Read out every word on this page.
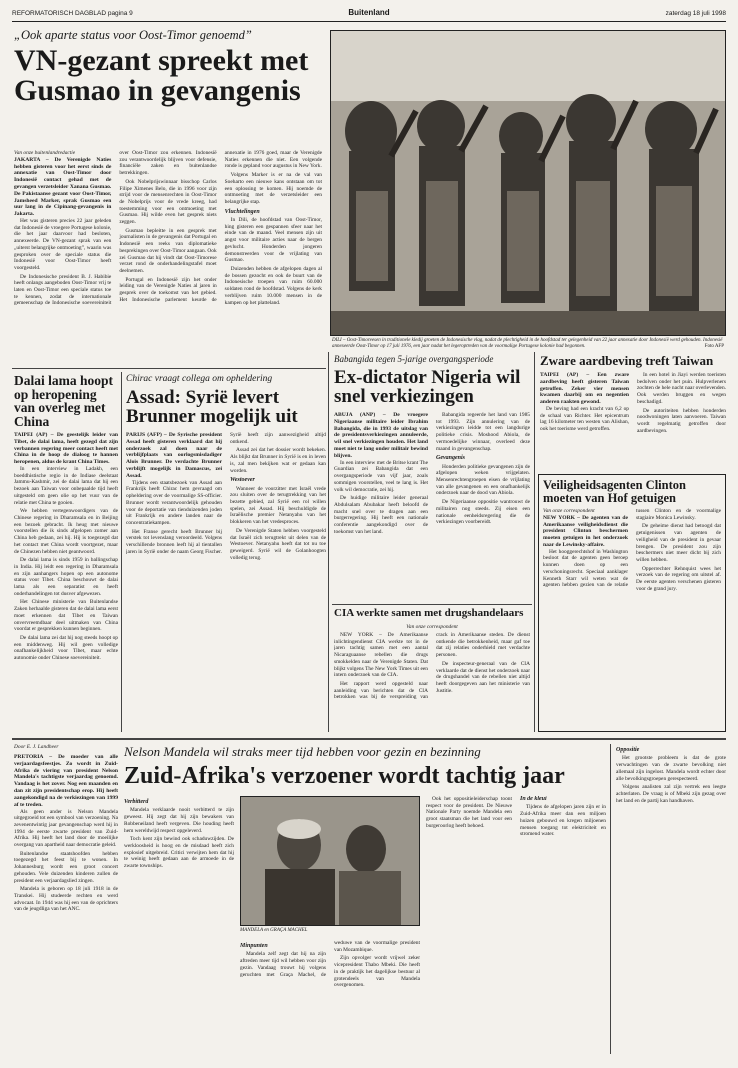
REFORMATORISCH DAGBLAD pagina 9	Buitenland	zaterdag 18 juli 1998
„Ook aparte status voor Oost-Timor genoemd”
VN-gezant spreekt met Gusmao in gevangenis
Van onze buitenlandredactie
JAKARTA – De Verenigde Naties hebben gisteren voor het eerst sinds de annexatie van Oost-Timor door Indonesië contact gehad met de gevangen verzetsleider Xanana Gusmao. De Pakistaanse gezant voor Oost-Timor, Jamsheed Marker, sprak Gusmao een uur lang in de Cipinang-gevangenis in Jakarta.

Het was gisteren precies 22 jaar geleden dat Indonesië de vroegere Portugese kolonie, die het jaar daarvoor had besloten, annexeerde. De VN-gezant sprak van een „uiterst belangrijke ontmoeting”, waarin was gesproken over de speciale status die Indonesië voor Oost-Timor heeft voorgesteld.

De Indonesische president B. J. Habibie heeft onlangs aangeboden Oost-Timor vrij te laten en Oost-Timor een speciale status toe te kennen, zodat de internationale gemeenschap de Indonesische soevereiniteit over Oost-Timor zou erkennen. Indonesië zou verantwoordelijk blijven voor defensie, financiële zaken en buitenlandse betrekkingen.

Ook Nobelprijswinnaar bisschop Carlos Filipe Ximenes Belo, die in 1996 voor zijn strijd voor de mensenrechten in Oost-Timor de Nobelprijs voor de vrede kreeg, had toestemming voor een ontmoeting met Gusmao. Hij wilde even het gesprek niets zeggen.

Gusmao bepleitte in een gesprek met journalisten in de gevangenis dat Portugal en Indonesië een reeks van diplomatieke besprekingen over Oost-Timor aangaan. Ook zei Gusmao dat hij vindt dat Oost-Timorese verzet rond de onderhandelingstafel moet deelnemen.

Portugal en Indonesië zijn het onder leiding van de Verenigde Naties al jaren in gesprek over de toekomst van het gebied. Het Indonesische parlement keurde de annexatie in 1976 goed, maar de Verenigde Naties erkennen die niet. Een volgende ronde is gepland voor augustus in New York.

Volgens Marker is er na de val van Soeharto een nieuwe kans ontstaan om tot een oplossing te komen. Hij noemde de ontmoeting met de verzetsleider een belangrijke stap.

Vluchtelingen

In Dili, de hoofdstad van Oost-Timor, hing gisteren een gespannen sfeer naar het einde van de maand. Veel mensen zijn uit angst voor militaire acties naar de bergen gevlucht. Honderden jongeren demonstreerden voor de vrijlating van Gusmao.

Duizenden hebben de afgelopen dagen al de bossen gezocht en ook de buurt van de Indonesische troepen van ruim 60.000 soldaten rond de hoofdstad. Volgens de kerk verblijven ruim 10.000 mensen in de kampen op het platteland.

DILI – Oost-Timoreesen in traditionele kledij groeten de Indonesische vlag, nadat de plechtigheid in de hoofdstad ter gelegenheid van 22 jaar annexatie door Indonesië werd gehouden. Indonesië annexeerde Oost-Timor op 17 juli 1976, een jaar nadat het legeroptreden van de voormalige Portugese kolonie had begonnen.	Foto AFP
Dalai lama hoopt op heropening van overleg met China
TAIPEI (AP) – De geestelijk leider van Tibet, de dalai lama, heeft gezegd dat zijn verbannen regering meer contact heeft met China in de hoop de dialoog te hannen heropenen, aldus de krant China Times.

In een interview in Ladakh, een boeddhistische regio in de Indiase deelstaat Jammu-Kashmir, zei de dalai lama dat hij een bezoek aan Taiwan voor onbepaalde tijd heeft uitgesteld om geen olie op het vuur van de relatie met China te gooien.

We hebben vertegenwoordigers van de Chinese regering in Dharamsala en in Beijing een bezoek gebracht. Ik heug met nieuwe voorstellen die ik sinds afgelopen zomer aan China heb gedaan, zei hij. Hij is toegezegd dat het contact met China wordt voortgezet, maar de Chinezen hebben niet geantwoord.

De dalai lama is sinds 1959 in ballingschap in India. Hij leidt een regering in Dharamsala en zijn aanhangers hopen op een autonome status voor Tibet. China beschouwt de dalai lama als een separatist en heeft onderhandelingen tot dusver afgewezen.

Het Chinese ministerie van Buitenlandse Zaken herhaalde gisteren dat de dalai lama eerst moet erkennen dat Tibet en Taiwan onvervreemdbaar deel uitmaken van China voordat er gesprekken kunnen beginnen.

De dalai lama zei dat hij nog steeds hoopt op een middenweg. Hij wil geen volledige onafhankelijkheid voor Tibet, maar echte autonomie onder Chinese soevereiniteit.

Chirac vraagt collega om opheldering
Assad: Syrië levert Brunner mogelijk uit
PARIJS (AFP) – De Syrische president Assad heeft gisteren verklaard dat hij onderzoek zal doen naar de verblijfplaats van oorlogsmisdadiger Alois Brunner. De verdachte Brunner verblijft mogelijk in Damascus, zei Assad.

Tijdens een staatsbezoek van Assad aan Frankrijk heeft Chirac hem gevraagd om opheldering over de voormalige SS-officier. Brunner wordt verantwoordelijk gehouden voor de deportatie van tienduizenden joden uit Frankrijk en andere landen naar de concentratiekampen.

Het Franse gerecht heeft Brunner bij verstek tot levenslang veroordeeld. Volgens verschillende bronnen leeft hij al tientallen jaren in Syrië onder de naam Georg Fischer. Syrië heeft zijn aanwezigheid altijd ontkend.

Assad zei dat het dossier wordt bekeken. Als blijkt dat Brunner in Syrië is en in leven is, zal men bekijken wat er gedaan kan worden.

Westoever

Wanneer de voorzitter met Israël vrede zou sluiten over de terugtrekking van het bezette gebied, zal Syrië een rol willen spelen, zei Assad. Hij beschuldigde de Israëlische premier Netanyahu van het blokkeren van het vredesproces.

De Verenigde Staten hebben voorgesteld dat Israël zich terugtrekt uit delen van de Westoever. Netanyahu heeft dat tot nu toe geweigerd. Syrië wil de Golanhoogten volledig terug.

Babangida tegen 5-jarige overgangsperiode
Ex-dictator Nigeria wil snel verkiezingen
ABUJA (ANP) – De vroegere Nigeriaanse militaire leider Ibrahim Babangida, die in 1993 de uitslag van de presidentsverkiezingen annuleerde, wil snel verkiezingen houden. Het land moet niet te lang onder militair bewind blijven.

In een interview met de Britse krant The Guardian zei Babangida dat een overgangsperiode van vijf jaar, zoals sommigen voorstellen, veel te lang is. Het volk wil democratie, zei hij.

De huidige militaire leider generaal Abdulsalam Abubakar heeft beloofd de macht snel over te dragen aan een burgerregering. Hij heeft een nationale conferentie aangekondigd over de toekomst van het land.

Babangida regeerde het land van 1985 tot 1993. Zijn annulering van de verkiezingen leidde tot een langdurige politieke crisis. Moshood Abiola, de vermoedelijke winnaar, overleed deze maand in gevangenschap.

Gevangenis

Honderden politieke gevangenen zijn de afgelopen weken vrijgelaten. Mensenrechtengroepen eisen de vrijlating van alle gevangenen en een onafhankelijk onderzoek naar de dood van Abiola.

De Nigeriaanse oppositie wantrouwt de militairen nog steeds. Zij eisen een nationale eenheidsregering die de verkiezingen voorbereidt.

CIA werkte samen met drugshandelaars
Van onze correspondent

NEW YORK – De Amerikaanse inlichtingendienst CIA werkte tot in de jaren tachtig samen met een aantal Nicaraguaanse rebellen die drugs smokkelden naar de Verenigde Staten. Dat blijkt volgens The New York Times uit een intern onderzoek van de CIA.

Het rapport werd opgesteld naar aanleiding van berichten dat de CIA betrokken was bij de verspreiding van crack in Amerikaanse steden. De dienst ontkende die betrokkenheid, maar gaf toe dat zij relaties onderhield met verdachte personen.

De inspecteur-generaal van de CIA verklaarde dat de dienst het onderzoek naar de drugshandel van de rebellen niet altijd heeft doorgegeven aan het ministerie van Justitie.

Zware aardbeving treft Taiwan
TAIPEI (AP) – Een zware aardbeving heeft gisteren Taiwan getroffen. Zeker vier mensen kwamen daarbij om en negentien anderen raakten gewond.

De beving had een kracht van 6,2 op de schaal van Richter. Het epicentrum lag 16 kilometer ten westen van Alishan, ook het toerisme werd getroffen.

In een hotel in Jiayi werden toeristen bedolven onder het puin. Hulpverleners zochten de hele nacht naar overlevenden. Ook werden bruggen en wegen beschadigd.

De autoriteiten hebben honderden noodwoningen laten aanvoeren. Taiwan wordt regelmatig getroffen door aardbevingen.

Veiligheidsagenten Clinton moeten van Hof getuigen
Van onze correspondent
NEW YORK – De agenten van de Amerikaanse veiligheidsdienst die president Clinton beschermen moeten getuigen in het onderzoek naar de Lewinsky-affaire.

Het hooggerechtshof in Washington besloot dat de agenten geen beroep kunnen doen op een verschoningsrecht. Speciaal aanklager Kenneth Starr wil weten wat de agenten hebben gezien van de relatie tussen Clinton en de voormalige stagiaire Monica Lewinsky.

De geheime dienst had betoogd dat getuigenissen van agenten de veiligheid van de president in gevaar brengen. De president zou zijn beschermers niet meer dicht bij zich willen hebben.

Opperrechter Rehnquist wees het verzoek van de regering om uitstel af. De eerste agenten verschenen gisteren voor de grand jury.

Door E. J. Landheer	Nelson Mandela wil straks meer tijd hebben voor gezin en bezinning
Zuid-Afrika's verzoener wordt tachtig jaar
PRETORIA – De moeder van alle verjaardagsfeestjes. Zo wordt in Zuid-Afrika de viering van president Nelson Mandela's tachtigste verjaardag genoemd. Vandaag is het zover. Nog een maanden en dan zit zijn presidentschap erop. Hij heeft aangekondigd na de verkiezingen van 1999 af te treden.

Als geen ander is Nelson Mandela uitgegroeid tot een symbool van verzoening. Na zevenentwintig jaar gevangenschap werd hij in 1994 de eerste zwarte president van Zuid-Afrika. Hij heeft het land door de moeilijke overgang van apartheid naar democratie geleid.

Buitenlandse staatshoofden hebben toegezegd het feest bij te wonen. In Johannesburg wordt een groot concert gehouden. Vele duizenden kinderen zullen de president een verjaardagslied zingen.

Mandela is geboren op 18 juli 1918 in de Transkei. Hij studeerde rechten en werd advocaat. In 1944 was hij een van de oprichters van de jeugdliga van het ANC.

Verbitterd

Mandela verklaarde nooit verbitterd te zijn geweest. Hij zegt dat hij zijn bewakers van Robbeneiland heeft vergeven. Die houding heeft hem wereldwijd respect opgeleverd.

Toch kent zijn bewind ook schaduwzijden. De werkloosheid is hoog en de misdaad heeft zich explosief uitgebreid. Critici verwijten hem dat hij te weinig heeft gedaan aan de armoede in de zwarte townships.

MANDELA en GRAÇA MACHEL
Minpunten

Mandela zelf zegt dat hij na zijn aftreden meer tijd wil hebben voor zijn gezin. Vandaag trouwt hij volgens geruchten met Graça Machel, de weduwe van de voormalige president van Mozambique.

Zijn opvolger wordt vrijwel zeker vicepresident Thabo Mbeki. Die heeft in de praktijk het dagelijkse bestuur al grotendeels van Mandela overgenomen.

Ook het oppositieleiderschap toont respect voor de president. De Nieuwe Nationale Party noemde Mandela een groot staatsman die het land voor een burgeroorlog heeft behoed.

In de kleui

Tijdens de afgelopen jaren zijn er in Zuid-Afrika meer dan een miljoen huizen gebouwd en kregen miljoenen mensen toegang tot elektriciteit en stromend water.

Oppositie

Het grootste probleem is dat de grote verwachtingen van de zwarte bevolking niet allemaal zijn ingelost. Mandela wordt echter door alle bevolkingsgroepen gerespecteerd.

Volgens analisten zal zijn vertrek een leegte achterlaten. De vraag is of Mbeki zijn gezag over het land en de partij kan handhaven.
